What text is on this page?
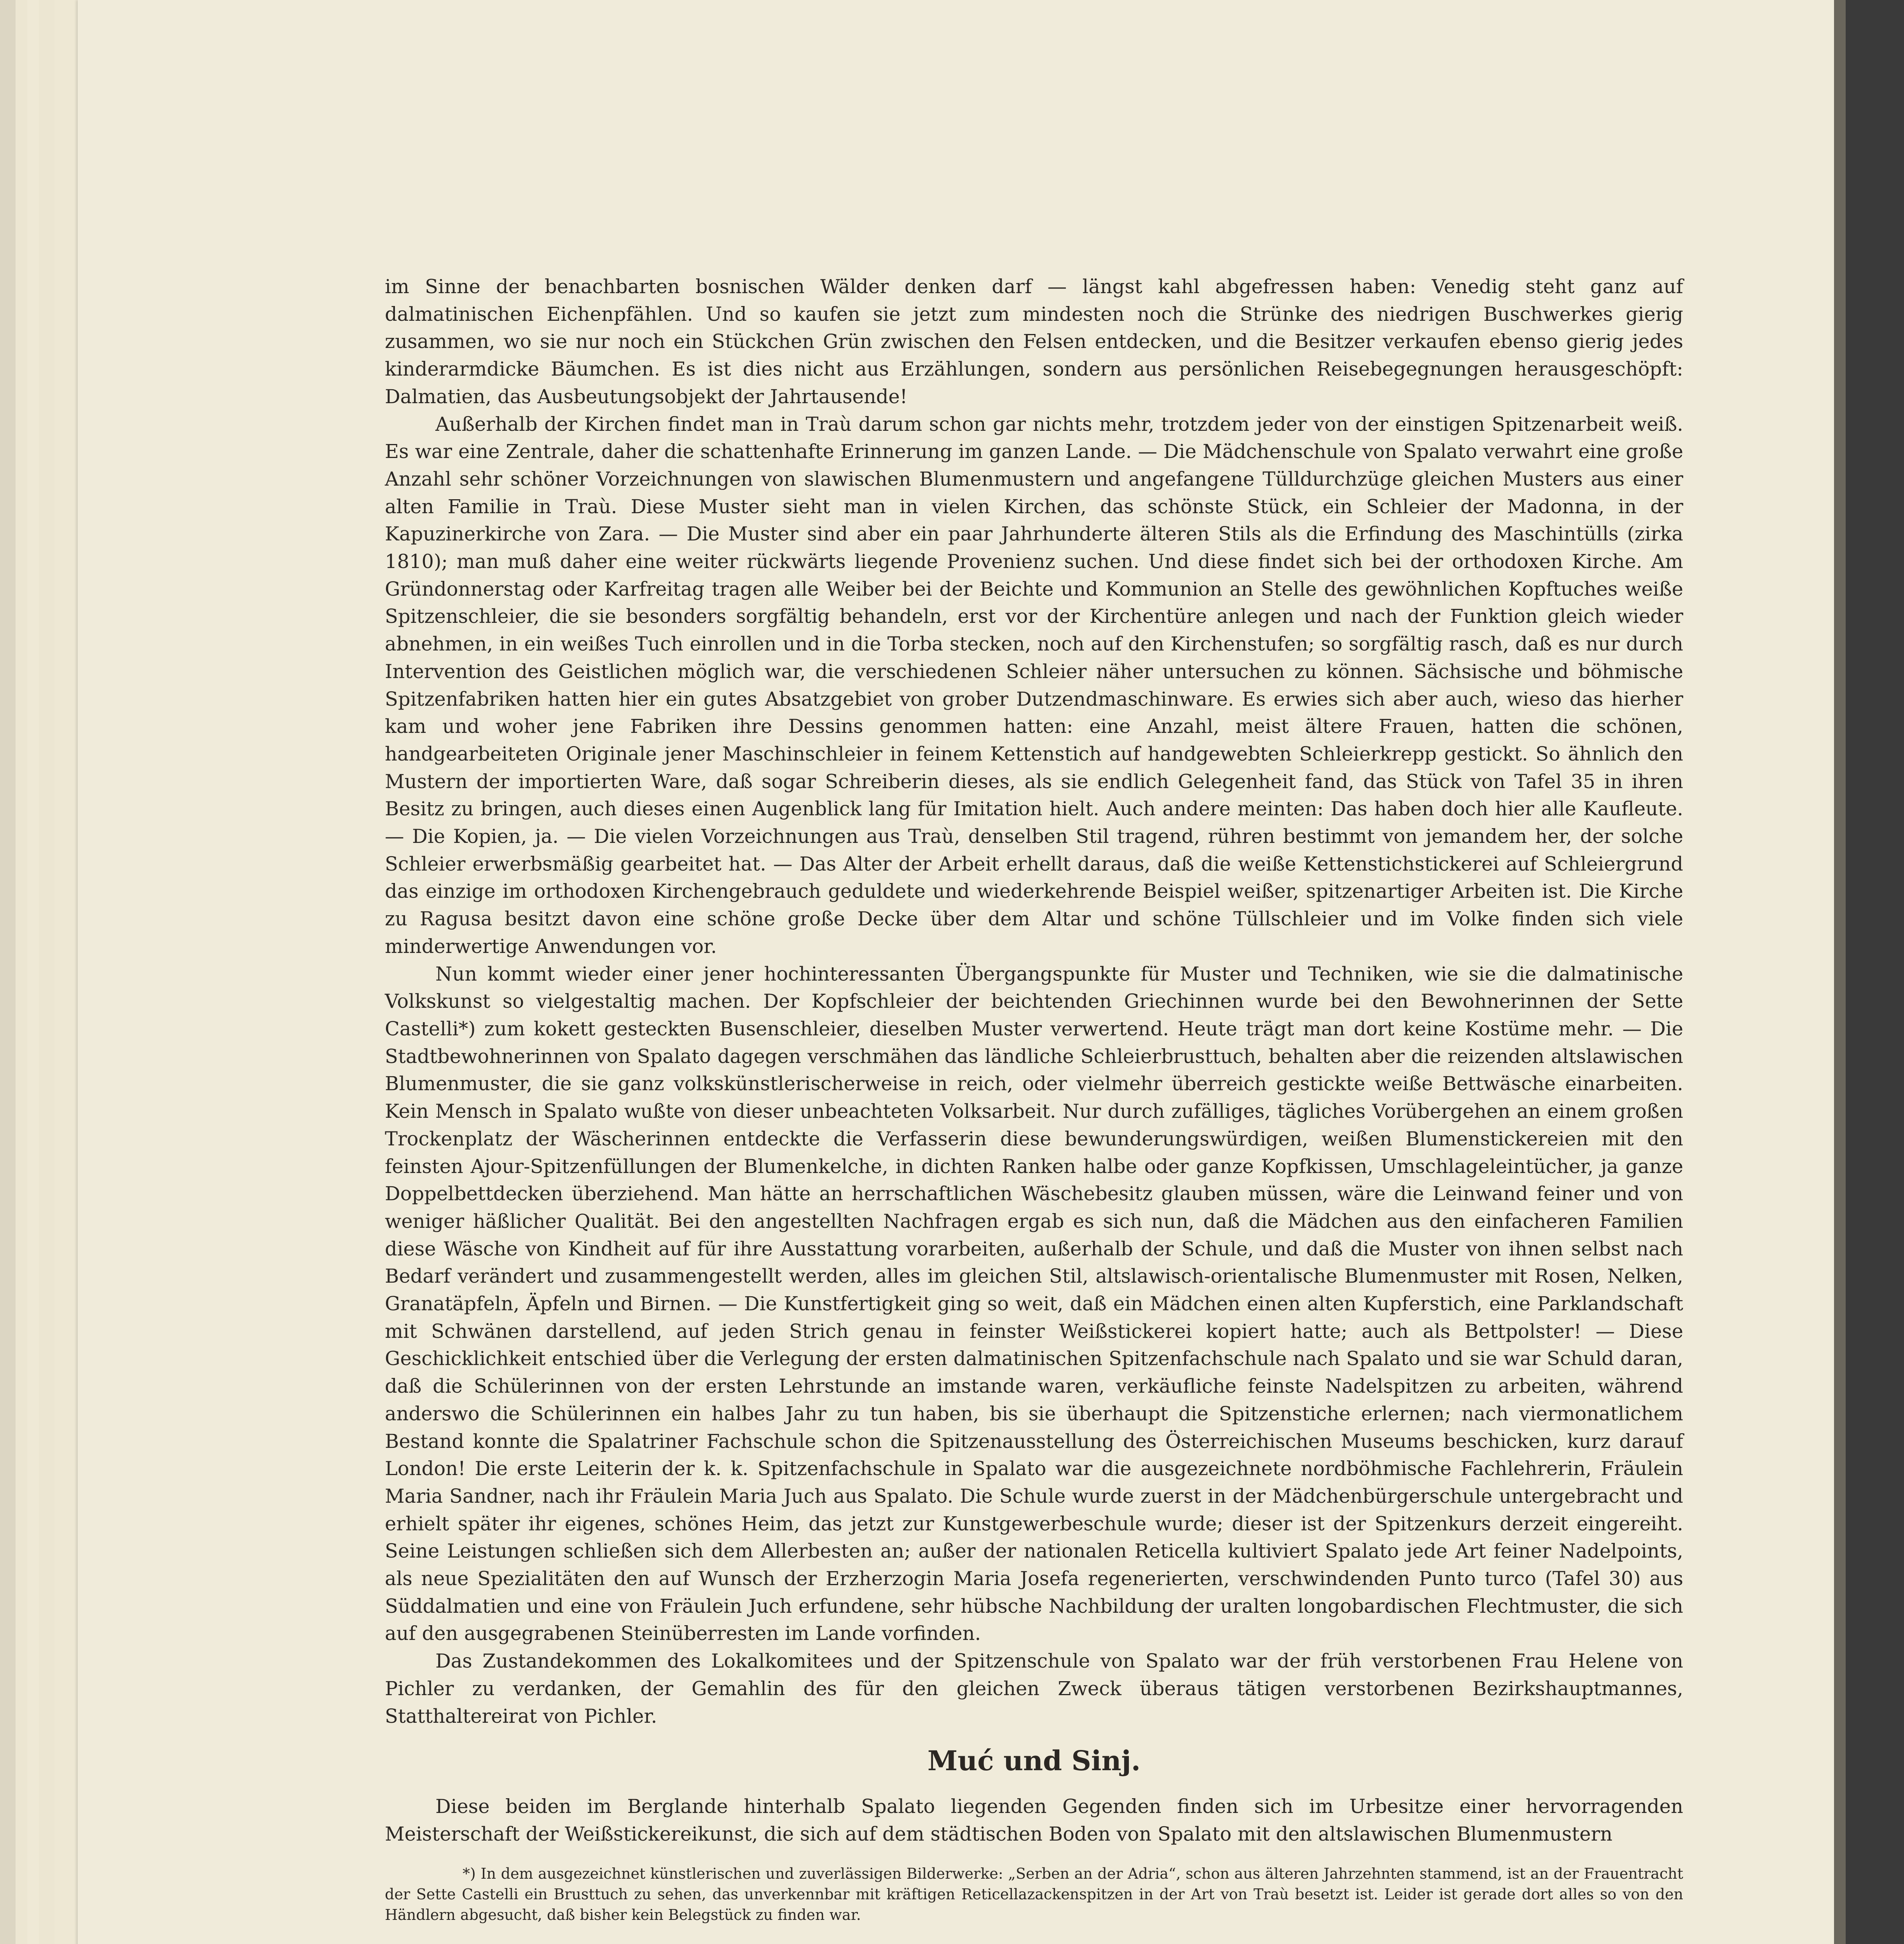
im Sinne der benachbarten bosnischen Wälder denken darf — längst kahl abgefressen haben: Venedig steht ganz auf dalmatinischen Eichenpfählen. Und so kaufen sie jetzt zum mindesten noch die Strünke des niedrigen Buschwerkes gierig zusammen, wo sie nur noch ein Stückchen Grün zwischen den Felsen entdecken, und die Besitzer verkaufen ebenso gierig jedes kinderarmdicke Bäumchen. Es ist dies nicht aus Erzählungen, sondern aus persönlichen Reisebegegnungen herausgeschöpft: Dalmatien, das Ausbeutungsobjekt der Jahrtausende!

Außerhalb der Kirchen findet man in Traù darum schon gar nichts mehr, trotzdem jeder von der einstigen Spitzenarbeit weiß. Es war eine Zentrale, daher die schattenhafte Erinnerung im ganzen Lande. — Die Mädchenschule von Spalato verwahrt eine große Anzahl sehr schöner Vorzeichnungen von slawischen Blumenmustern und angefangene Tülldurchzüge gleichen Musters aus einer alten Familie in Traù. Diese Muster sieht man in vielen Kirchen, das schönste Stück, ein Schleier der Madonna, in der Kapuzinerkirche von Zara. — Die Muster sind aber ein paar Jahrhunderte älteren Stils als die Erfindung des Maschintülls (zirka 1810); man muß daher eine weiter rückwärts liegende Provenienz suchen. Und diese findet sich bei der orthodoxen Kirche. Am Gründonnerstag oder Karfreitag tragen alle Weiber bei der Beichte und Kommunion an Stelle des gewöhnlichen Kopftuches weiße Spitzenschleier, die sie besonders sorgfältig behandeln, erst vor der Kirchentüre anlegen und nach der Funktion gleich wieder abnehmen, in ein weißes Tuch einrollen und in die Torba stecken, noch auf den Kirchenstufen; so sorgfältig rasch, daß es nur durch Intervention des Geistlichen möglich war, die verschiedenen Schleier näher untersuchen zu können. Sächsische und böhmische Spitzenfabriken hatten hier ein gutes Absatzgebiet von grober Dutzendmaschinware. Es erwies sich aber auch, wieso das hierher kam und woher jene Fabriken ihre Dessins genommen hatten: eine Anzahl, meist ältere Frauen, hatten die schönen, handgearbeiteten Originale jener Maschinschleier in feinem Kettenstich auf handgewebten Schleierkrepp gestickt. So ähnlich den Mustern der importierten Ware, daß sogar Schreiberin dieses, als sie endlich Gelegenheit fand, das Stück von Tafel 35 in ihren Besitz zu bringen, auch dieses einen Augenblick lang für Imitation hielt. Auch andere meinten: Das haben doch hier alle Kaufleute. — Die Kopien, ja. — Die vielen Vorzeichnungen aus Traù, denselben Stil tragend, rühren bestimmt von jemandem her, der solche Schleier erwerbsmäßig gearbeitet hat. — Das Alter der Arbeit erhellt daraus, daß die weiße Kettenstichstickerei auf Schleiergrund das einzige im orthodoxen Kirchengebrauch geduldete und wiederkehrende Beispiel weißer, spitzenartiger Arbeiten ist. Die Kirche zu Ragusa besitzt davon eine schöne große Decke über dem Altar und schöne Tüllschleier und im Volke finden sich viele minderwertige Anwendungen vor.

Nun kommt wieder einer jener hochinteressanten Übergangspunkte für Muster und Techniken, wie sie die dalmatinische Volkskunst so vielgestaltig machen. Der Kopfschleier der beichtenden Griechinnen wurde bei den Bewohnerinnen der Sette Castelli*) zum kokett gesteckten Busenschleier, dieselben Muster verwertend. Heute trägt man dort keine Kostüme mehr. — Die Stadtbewohnerinnen von Spalato dagegen verschmähen das ländliche Schleierbrusttuch, behalten aber die reizenden altslawischen Blumenmuster, die sie ganz volkskünstlerischerweise in reich, oder vielmehr überreich gestickte weiße Bettwäsche einarbeiten. Kein Mensch in Spalato wußte von dieser unbeachteten Volksarbeit. Nur durch zufälliges, tägliches Vorübergehen an einem großen Trockenplatz der Wäscherinnen entdeckte die Verfasserin diese bewunderungswürdigen, weißen Blumenstickereien mit den feinsten Ajour-Spitzenfüllungen der Blumenkelche, in dichten Ranken halbe oder ganze Kopfkissen, Umschlageleintücher, ja ganze Doppelbettdecken überziehend. Man hätte an herrschaftlichen Wäschebesitz glauben müssen, wäre die Leinwand feiner und von weniger häßlicher Qualität. Bei den angestellten Nachfragen ergab es sich nun, daß die Mädchen aus den einfacheren Familien diese Wäsche von Kindheit auf für ihre Ausstattung vorarbeiten, außerhalb der Schule, und daß die Muster von ihnen selbst nach Bedarf verändert und zusammengestellt werden, alles im gleichen Stil, altslawisch-orientalische Blumenmuster mit Rosen, Nelken, Granatäpfeln, Äpfeln und Birnen. — Die Kunstfertigkeit ging so weit, daß ein Mädchen einen alten Kupferstich, eine Parklandschaft mit Schwänen darstellend, auf jeden Strich genau in feinster Weißstickerei kopiert hatte; auch als Bettpolster! — Diese Geschicklichkeit entschied über die Verlegung der ersten dalmatinischen Spitzenfachschule nach Spalato und sie war Schuld daran, daß die Schülerinnen von der ersten Lehrstunde an imstande waren, verkäufliche feinste Nadelspitzen zu arbeiten, während anderswo die Schülerinnen ein halbes Jahr zu tun haben, bis sie überhaupt die Spitzenstiche erlernen; nach viermonatlichem Bestand konnte die Spalatriner Fachschule schon die Spitzenausstellung des Österreichischen Museums beschicken, kurz darauf London! Die erste Leiterin der k. k. Spitzenfachschule in Spalato war die ausgezeichnete nordböhmische Fachlehrerin, Fräulein Maria Sandner, nach ihr Fräulein Maria Juch aus Spalato. Die Schule wurde zuerst in der Mädchenbürgerschule untergebracht und erhielt später ihr eigenes, schönes Heim, das jetzt zur Kunstgewerbeschule wurde; dieser ist der Spitzenkurs derzeit eingereiht. Seine Leistungen schließen sich dem Allerbesten an; außer der nationalen Reticella kultiviert Spalato jede Art feiner Nadelpoints, als neue Spezialitäten den auf Wunsch der Erzherzogin Maria Josefa regenerierten, verschwindenden Punto turco (Tafel 30) aus Süddalmatien und eine von Fräulein Juch erfundene, sehr hübsche Nachbildung der uralten longobardischen Flechtmuster, die sich auf den ausgegrabenen Steinüberresten im Lande vorfinden.

Das Zustandekommen des Lokalkomitees und der Spitzenschule von Spalato war der früh verstorbenen Frau Helene von Pichler zu verdanken, der Gemahlin des für den gleichen Zweck überaus tätigen verstorbenen Bezirkshauptmannes, Statthaltereirat von Pichler.

Muć und Sinj.

Diese beiden im Berglande hinterhalb Spalato liegenden Gegenden finden sich im Urbesitze einer hervorragenden Meisterschaft der Weißstickereikunst, die sich auf dem städtischen Boden von Spalato mit den altslawischen Blumenmustern

*) In dem ausgezeichnet künstlerischen und zuverlässigen Bilderwerke: „Serben an der Adria“, schon aus älteren Jahrzehnten stammend, ist an der Frauentracht der Sette Castelli ein Brusttuch zu sehen, das unverkennbar mit kräftigen Reticellazackenspitzen in der Art von Traù besetzt ist. Leider ist gerade dort alles so von den Händlern abgesucht, daß bisher kein Belegstück zu finden war.
